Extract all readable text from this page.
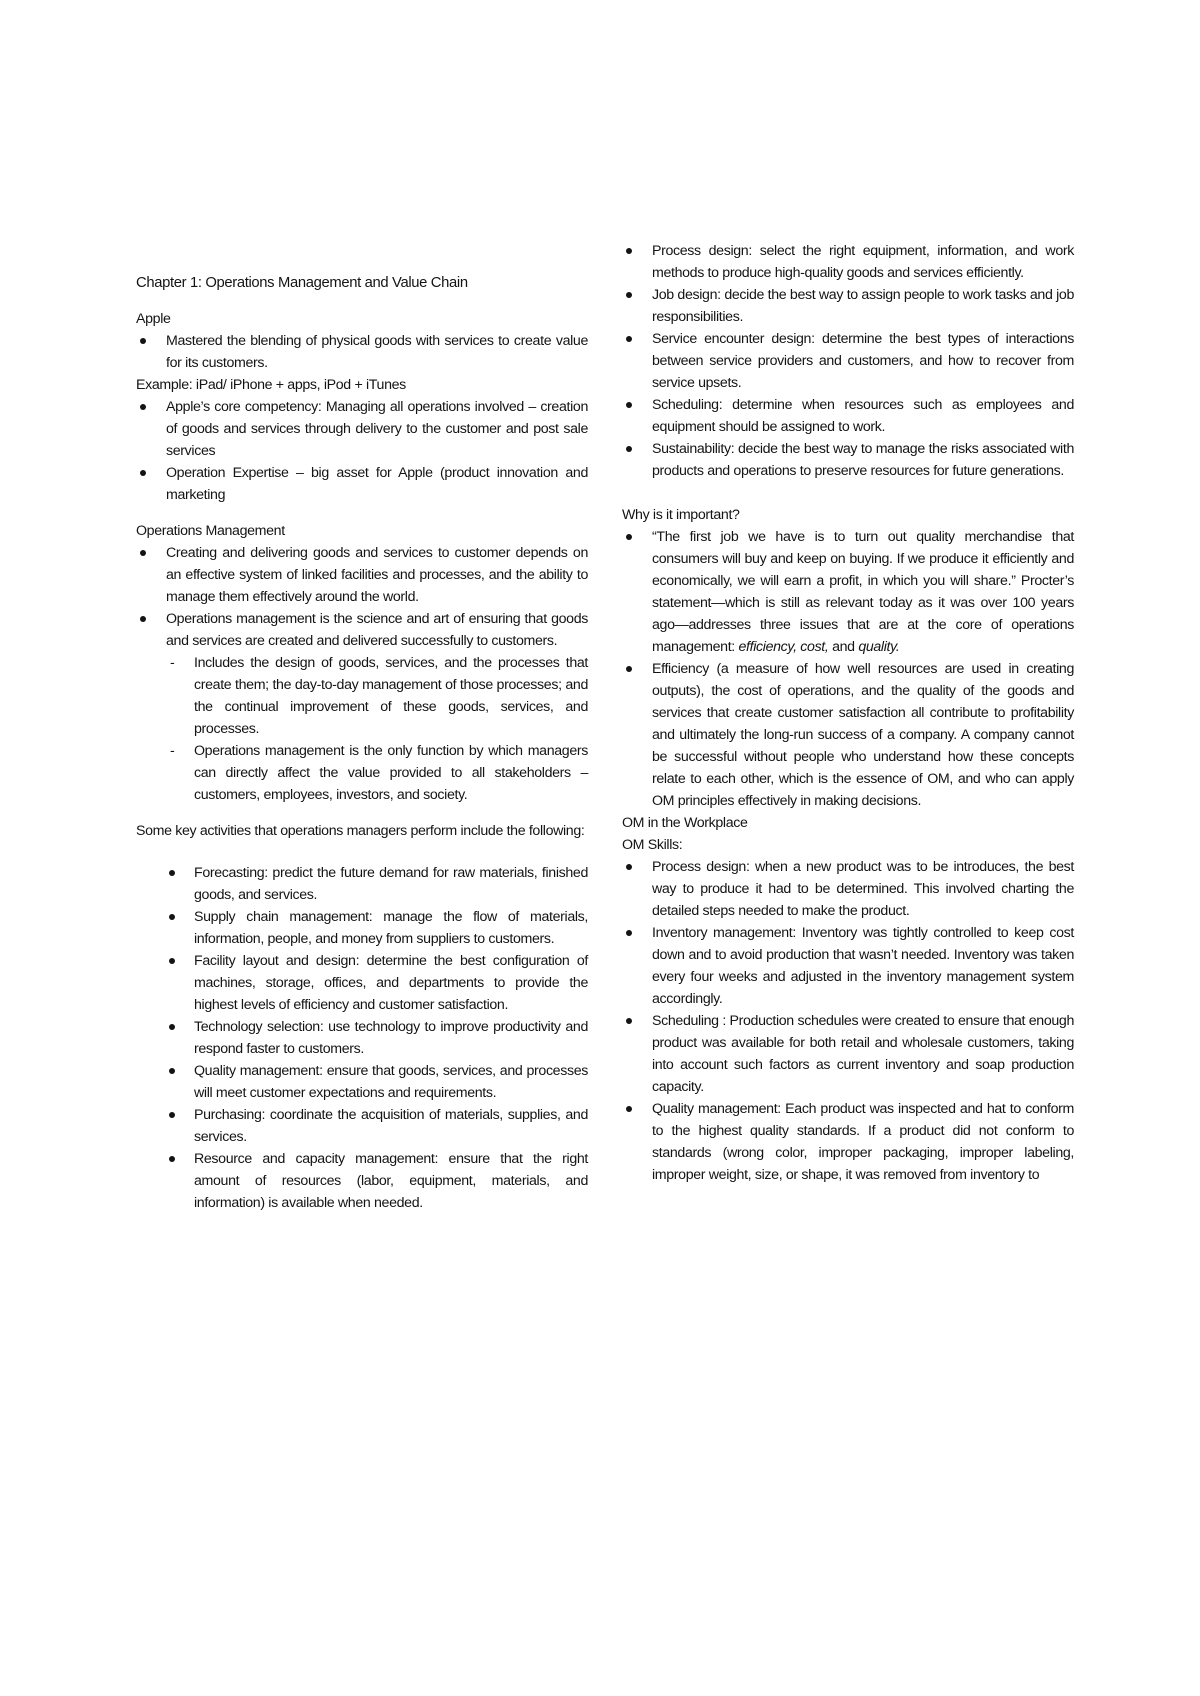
Chapter 1: Operations Management and Value Chain
Apple
Mastered the blending of physical goods with services to create value for its customers.
Example: iPad/ iPhone + apps, iPod + iTunes
Apple’s core competency: Managing all operations involved – creation of goods and services through delivery to the customer and post sale services
Operation Expertise – big asset for Apple (product innovation and marketing
Operations Management
Creating and delivering goods and services to customer depends on an effective system of linked facilities and processes, and the ability to manage them effectively around the world.
Operations management is the science and art of ensuring that goods and services are created and delivered successfully to customers.
- Includes the design of goods, services, and the processes that create them; the day-to-day management of those processes; and the continual improvement of these goods, services, and processes.
- Operations management is the only function by which managers can directly affect the value provided to all stakeholders – customers, employees, investors, and society.
Some key activities that operations managers perform include the following:
Forecasting: predict the future demand for raw materials, finished goods, and services.
Supply chain management: manage the flow of materials, information, people, and money from suppliers to customers.
Facility layout and design: determine the best configuration of machines, storage, offices, and departments to provide the highest levels of efficiency and customer satisfaction.
Technology selection: use technology to improve productivity and respond faster to customers.
Quality management: ensure that goods, services, and processes will meet customer expectations and requirements.
Purchasing: coordinate the acquisition of materials, supplies, and services.
Resource and capacity management: ensure that the right amount of resources (labor, equipment, materials, and information) is available when needed.
Process design: select the right equipment, information, and work methods to produce high-quality goods and services efficiently.
Job design: decide the best way to assign people to work tasks and job responsibilities.
Service encounter design: determine the best types of interactions between service providers and customers, and how to recover from service upsets.
Scheduling: determine when resources such as employees and equipment should be assigned to work.
Sustainability: decide the best way to manage the risks associated with products and operations to preserve resources for future generations.
Why is it important?
“The first job we have is to turn out quality merchandise that consumers will buy and keep on buying. If we produce it efficiently and economically, we will earn a profit, in which you will share.” Procter’s statement—which is still as relevant today as it was over 100 years ago—addresses three issues that are at the core of operations management: efficiency, cost, and quality.
Efficiency (a measure of how well resources are used in creating outputs), the cost of operations, and the quality of the goods and services that create customer satisfaction all contribute to profitability and ultimately the long-run success of a company. A company cannot be successful without people who understand how these concepts relate to each other, which is the essence of OM, and who can apply OM principles effectively in making decisions.
OM in the Workplace
OM Skills:
Process design: when a new product was to be introduces, the best way to produce it had to be determined. This involved charting the detailed steps needed to make the product.
Inventory management: Inventory was tightly controlled to keep cost down and to avoid production that wasn’t needed. Inventory was taken every four weeks and adjusted in the inventory management system accordingly.
Scheduling : Production schedules were created to ensure that enough product was available for both retail and wholesale customers, taking into account such factors as current inventory and soap production capacity.
Quality management: Each product was inspected and hat to conform to the highest quality standards. If a product did not conform to standards (wrong color, improper packaging, improper labeling, improper weight, size, or shape, it was removed from inventory to
